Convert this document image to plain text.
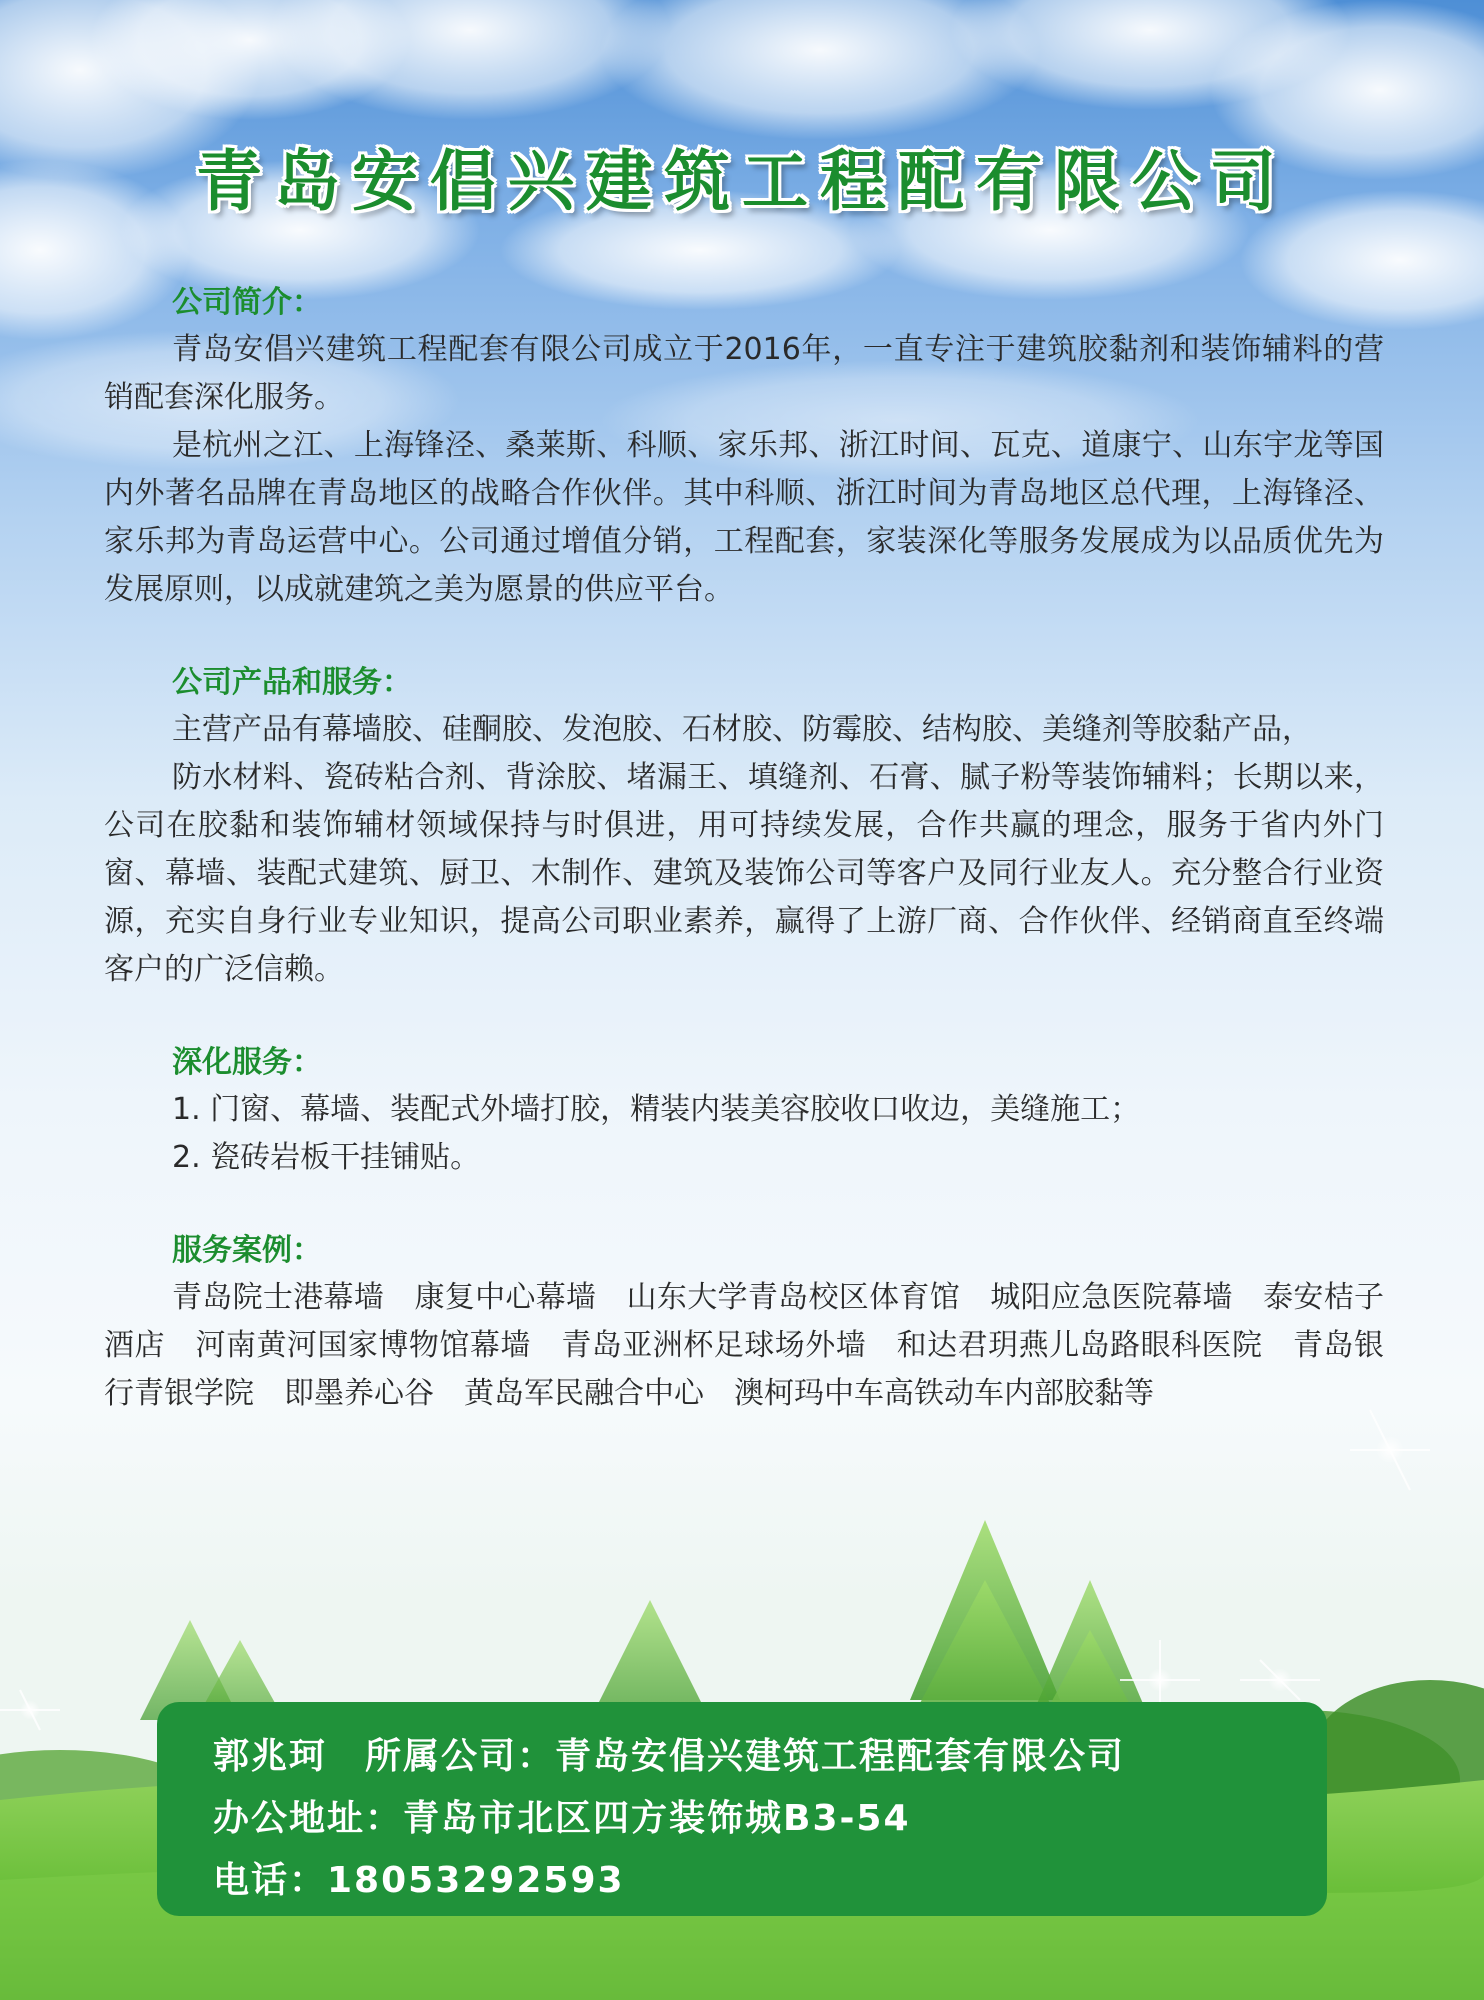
青岛安倡兴建筑工程配有限公司

公司简介：

青岛安倡兴建筑工程配套有限公司成立于2016年，一直专注于建筑胶黏剂和装饰辅料的营销配套深化服务。

是杭州之江、上海锋泾、桑莱斯、科顺、家乐邦、浙江时间、瓦克、道康宁、山东宇龙等国内外著名品牌在青岛地区的战略合作伙伴。其中科顺、浙江时间为青岛地区总代理，上海锋泾、家乐邦为青岛运营中心。公司通过增值分销，工程配套，家装深化等服务发展成为以品质优先为发展原则，以成就建筑之美为愿景的供应平台。

公司产品和服务：

主营产品有幕墙胶、硅酮胶、发泡胶、石材胶、防霉胶、结构胶、美缝剂等胶黏产品，

防水材料、瓷砖粘合剂、背涂胶、堵漏王、填缝剂、石膏、腻子粉等装饰辅料；长期以来，公司在胶黏和装饰辅材领域保持与时俱进，用可持续发展，合作共赢的理念，服务于省内外门窗、幕墙、装配式建筑、厨卫、木制作、建筑及装饰公司等客户及同行业友人。充分整合行业资源，充实自身行业专业知识，提高公司职业素养，赢得了上游厂商、合作伙伴、经销商直至终端客户的广泛信赖。

深化服务：

1. 门窗、幕墙、装配式外墙打胶，精装内装美容胶收口收边，美缝施工；

2. 瓷砖岩板干挂铺贴。

服务案例：

青岛院士港幕墙　康复中心幕墙　山东大学青岛校区体育馆　城阳应急医院幕墙　泰安桔子酒店　河南黄河国家博物馆幕墙　青岛亚洲杯足球场外墙　和达君玥燕儿岛路眼科医院　青岛银行青银学院　即墨养心谷　黄岛军民融合中心　澳柯玛中车高铁动车内部胶黏等

郭兆珂　所属公司：青岛安倡兴建筑工程配套有限公司
办公地址：青岛市北区四方装饰城B3-54
电话：18053292593
